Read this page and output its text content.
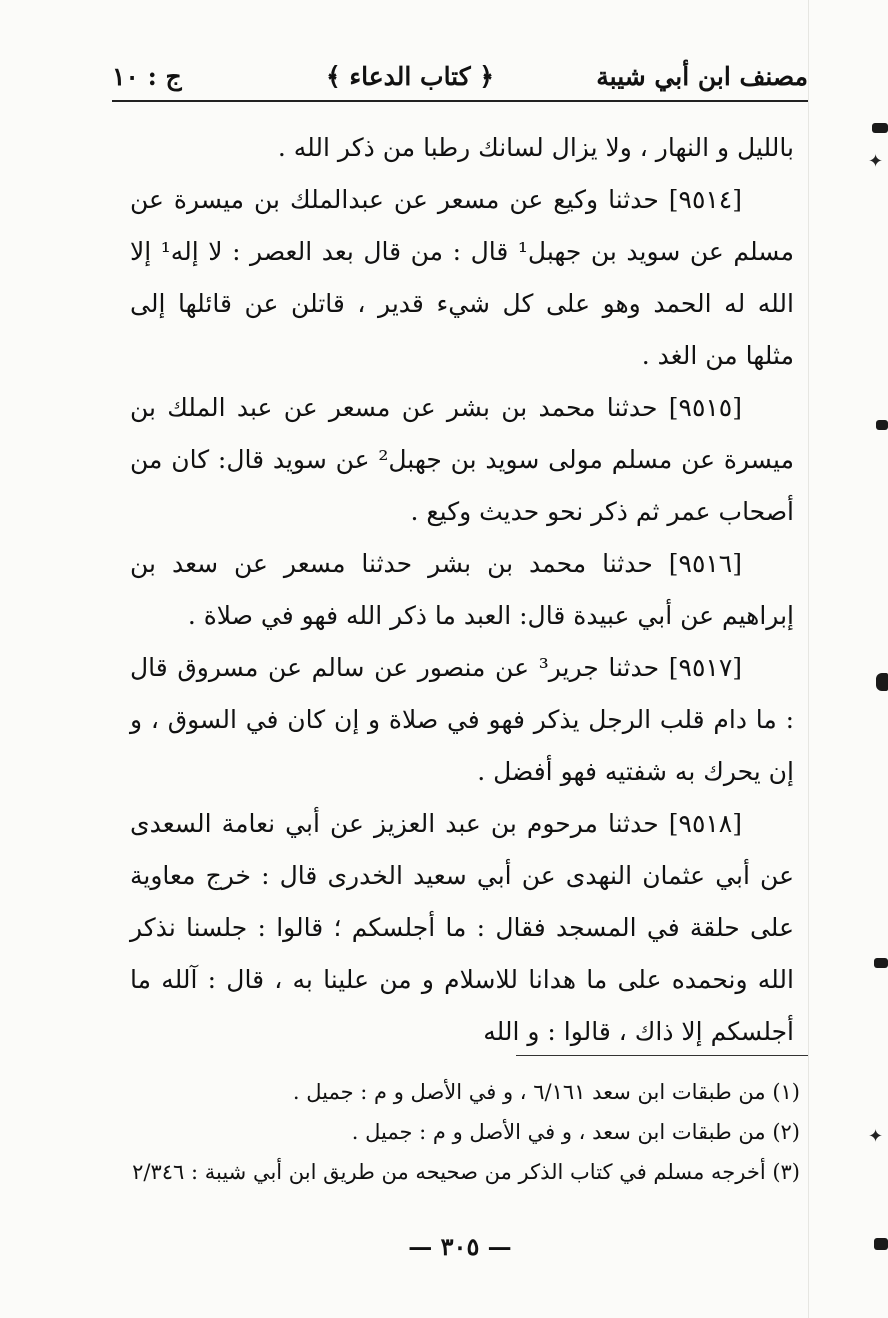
مصنف ابن أبي شيبة
﴿ كتاب الدعاء ﴾
ج : ١٠

بالليل و النهار ، ولا يزال لسانك رطبا من ذكر الله .

[٩٥١٤] حدثنا وكيع عن مسعر عن عبدالملك بن ميسرة عن مسلم عن سويد بن جهبل¹ قال : من قال بعد العصر : لا إله¹ إلا الله له الحمد وهو على كل شيء قدير ، قاتلن عن قائلها إلى مثلها من الغد .

[٩٥١٥] حدثنا محمد بن بشر عن مسعر عن عبد الملك بن ميسرة عن مسلم مولى سويد بن جهبل² عن سويد قال: كان من أصحاب عمر ثم ذكر نحو حديث وكيع .

[٩٥١٦] حدثنا محمد بن بشر حدثنا مسعر عن سعد بن إبراهيم عن أبي عبيدة قال: العبد ما ذكر الله فهو في صلاة .

[٩٥١٧] حدثنا جرير³ عن منصور عن سالم عن مسروق قال : ما دام قلب الرجل يذكر فهو في صلاة و إن كان في السوق ، و إن يحرك به شفتيه فهو أفضل .

[٩٥١٨] حدثنا مرحوم بن عبد العزيز عن أبي نعامة السعدى عن أبي عثمان النهدى عن أبي سعيد الخدرى قال : خرج معاوية على حلقة في المسجد فقال : ما أجلسكم ؛ قالوا : جلسنا نذكر الله ونحمده على ما هدانا للاسلام و من علينا به ، قال : آلله ما أجلسكم إلا ذاك ، قالوا : و الله

(١) من طبقات ابن سعد ٦/١٦١ ، و في الأصل و م : جميل .

(٢) من طبقات ابن سعد ، و في الأصل و م : جميل .

(٣) أخرجه مسلم في كتاب الذكر من صحيحه من طريق ابن أبي شيبة : ٢/٣٤٦

— ٣٠٥ —
✦
✦
